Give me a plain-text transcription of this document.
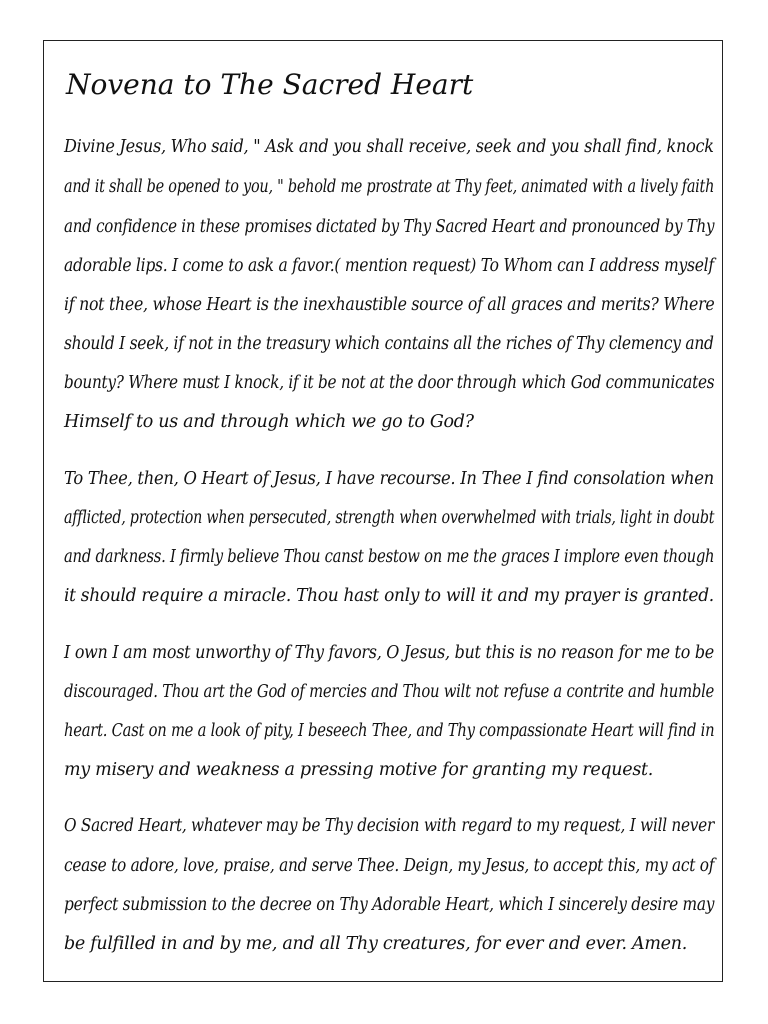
Novena to The Sacred Heart
Divine Jesus, Who said, " Ask and you shall receive, seek and you shall find, knock
and it shall be opened to you, " behold me prostrate at Thy feet, animated with a lively faith
and confidence in these promises dictated by Thy Sacred Heart and pronounced by Thy
adorable lips. I come to ask a favor.( mention request) To Whom can I address myself
if not thee, whose Heart is the inexhaustible source of all graces and merits? Where
should I seek, if not in the treasury which contains all the riches of Thy clemency and
bounty? Where must I knock, if it be not at the door through which God communicates
Himself to us and through which we go to God?
To Thee, then, O Heart of Jesus, I have recourse. In Thee I find consolation when
afflicted, protection when persecuted, strength when overwhelmed with trials, light in doubt
and darkness. I firmly believe Thou canst bestow on me the graces I implore even though
it should require a miracle. Thou hast only to will it and my prayer is granted.
I own I am most unworthy of Thy favors, O Jesus, but this is no reason for me to be
discouraged. Thou art the God of mercies and Thou wilt not refuse a contrite and humble
heart. Cast on me a look of pity, I beseech Thee, and Thy compassionate Heart will find in
my misery and weakness a pressing motive for granting my request.
O Sacred Heart, whatever may be Thy decision with regard to my request, I will never
cease to adore, love, praise, and serve Thee. Deign, my Jesus, to accept this, my act of
perfect submission to the decree on Thy Adorable Heart, which I sincerely desire may
be fulfilled in and by me, and all Thy creatures, for ever and ever. Amen.
